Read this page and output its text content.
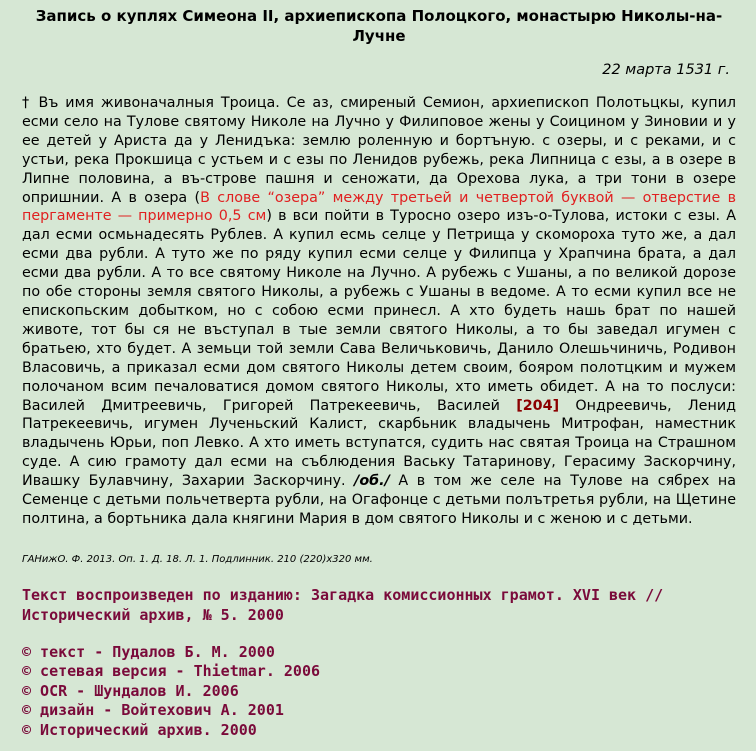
Запись о куплях Симеона II, архиепископа Полоцкого, монастырю Николы-на-Лучне
22 марта 1531 г.
† Въ имя живоначалныя Троица. Се аз, смиреный Семион, архиепископ Полотьцкы, купил есми село на Тулове святому Николе на Лучно у Филиповое жены у Соицином у Зиновии и у ее детей у Ариста да у Ленидъка: землю роленную и бортъную. с озеры, и с реками, и с устьи, река Прокшица с устьем и с езы по Ленидов рубежь, река Липница с езы, а в озере в Липне половина, а въ-строве пашня и сеножати, да Орехова лука, а три тони в озере опришнии. А в озера (В слове “озера” между третьей и четвертой буквой — отверстие в пергаменте — примерно 0,5 см) в вси пойти в Туросно озеро изъ-о-Тулова, истоки с езы. А дал есми осмьнадесять Рублев. А купил есмь селце у Петрища у скомороха туто же, а дал есми два рубли. А туто же по ряду купил есми селце у Филипца у Храпчина брата, а дал есми два рубли. А то все святому Николе на Лучно. А рубежь с Ушаны, а по великой дорозе по обе стороны земля святого Николы, а рубежь с Ушаны в ведоме. А то есми купил все не епископьским добытком, но с собою есми принесл. А хто будеть нашь брат по нашей животе, тот бы ся не въступал в тые земли святого Николы, а то бы заведал игумен с братьею, хто будет. А земьци той земли Сава Величьковичь, Данило Олешьчиничь, Родивон Власовичь, а приказал есми дом святого Николы детем своим, бояром полотцким и мужем полочаном всим печаловатися домом святого Николы, хто иметь обидет. А на то послуси: Василей Дмитреевичь, Григорей Патрекеевичь, Василей [204] Ондреевичь, Ленид Патрекеевичь, игумен Лученьский Калист, скарбьник владычень Митрофан, наместник владычень Юрьи, поп Левко. А хто иметь вступатся, судить нас святая Троица на Страшном суде. А сию грамоту дал есми на съблюдения Ваську Татаринову, Герасиму Заскорчину, Ивашку Булавчину, Захарии Заскорчину. /об./ А в том же селе на Тулове на сябрех на Семенце с детьми польчетверта рубли, на Огафонце с детьми полътретья рубли, на Щетине полтина, а бортьника дала княгини Мария в дом святого Николы и с женою и с детьми.
ГАНижО. Ф. 2013. Оп. 1. Д. 18. Л. 1. Подлинник. 210 (220)х320 мм.
Текст воспроизведен по изданию: Загадка комиссионных грамот. XVI век // Исторический архив, № 5. 2000
© текст - Пудалов Б. М. 2000
© сетевая версия - Thietmar. 2006
© OCR - Шундалов И. 2006
© дизайн - Войтехович А. 2001
© Исторический архив. 2000
